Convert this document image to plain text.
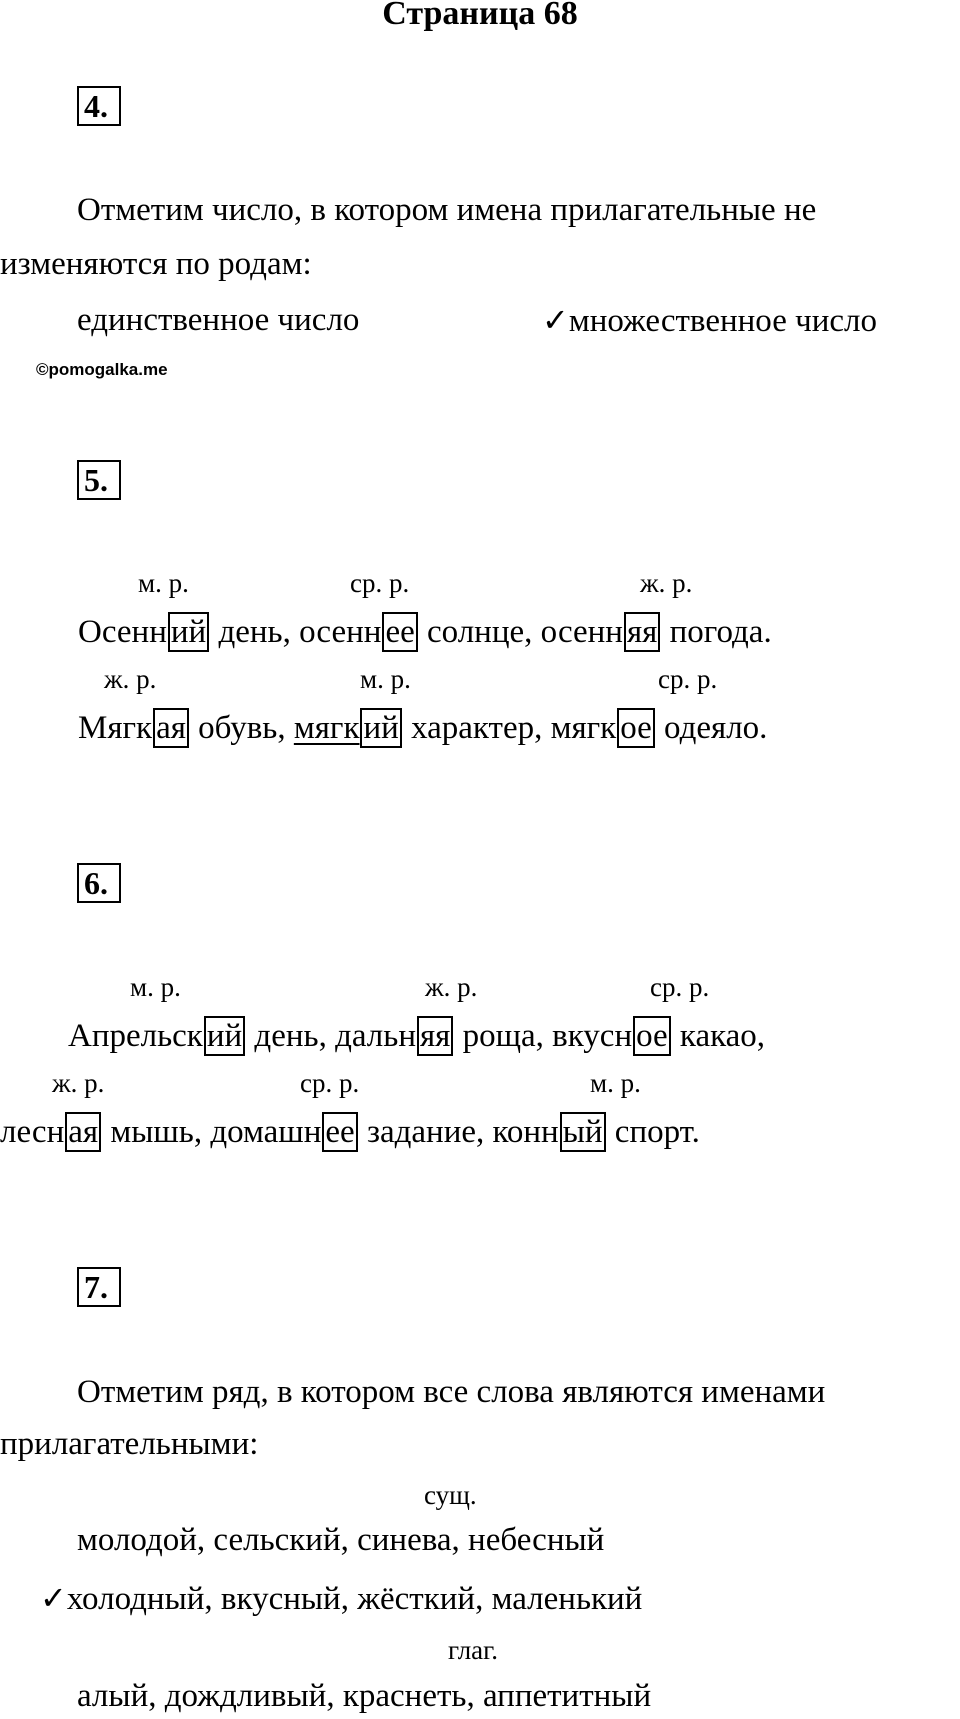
Страница 68
4.
Отметим число, в котором имена прилагательные не
изменяются по родам:
единственное число	✓множественное число
©pomogalka.me
5.
м. р.	ср. р.	ж. р.
Осенн ий день, осенн ее солнце, осенн яя погода.
ж. р.	м. р.	ср. р.
Мягк ая обувь, мягк ий характер, мягк ое одеяло.
6.
м. р.	ж. р.	ср. р.
Апрельск ий день, дальн яя роща, вкусн ое какао,
ж. р.	ср. р.	м. р.
лесн ая мышь, домашн ее задание, конн ый спорт.
7.
Отметим ряд, в котором все слова являются именами
прилагательными:
сущ.
молодой, сельский, синева, небесный
✓холодный, вкусный, жёсткий, маленький
глаг.
алый, дождливый, краснеть, аппетитный
